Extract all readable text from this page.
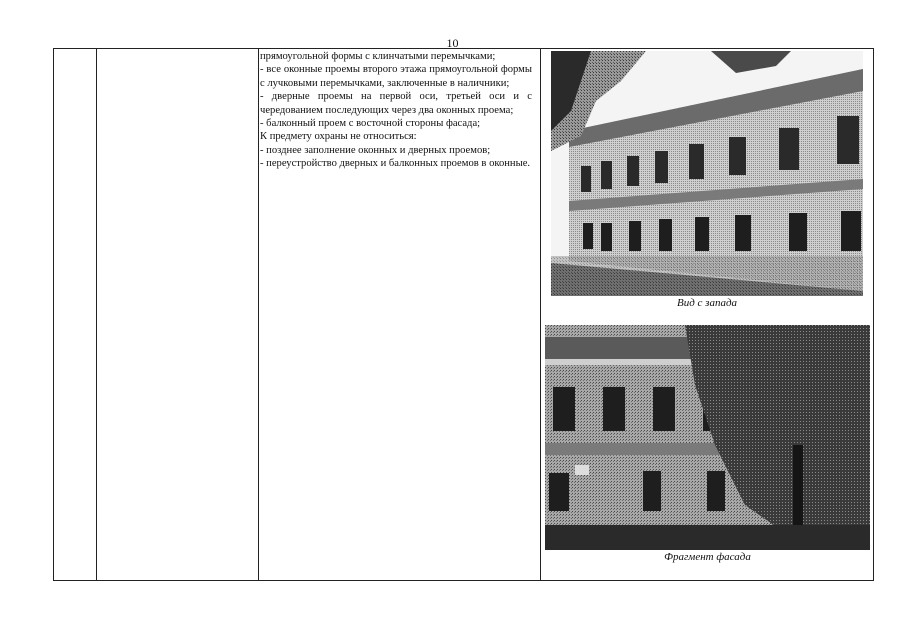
10

прямоугольной формы с клинчатыми перемычками;

- все оконные проемы второго этажа прямоугольной формы с лучковыми перемычками, заключенные в наличники;

- дверные проемы на первой оси, третьей оси и с чередованием последующих через два оконных проема;

- балконный проем с восточной стороны фасада;

К предмету охраны не относиться:

- позднее заполнение оконных и дверных проемов;

- переустройство дверных и балконных проемов в оконные.

Вид с запада
Фрагмент фасада
